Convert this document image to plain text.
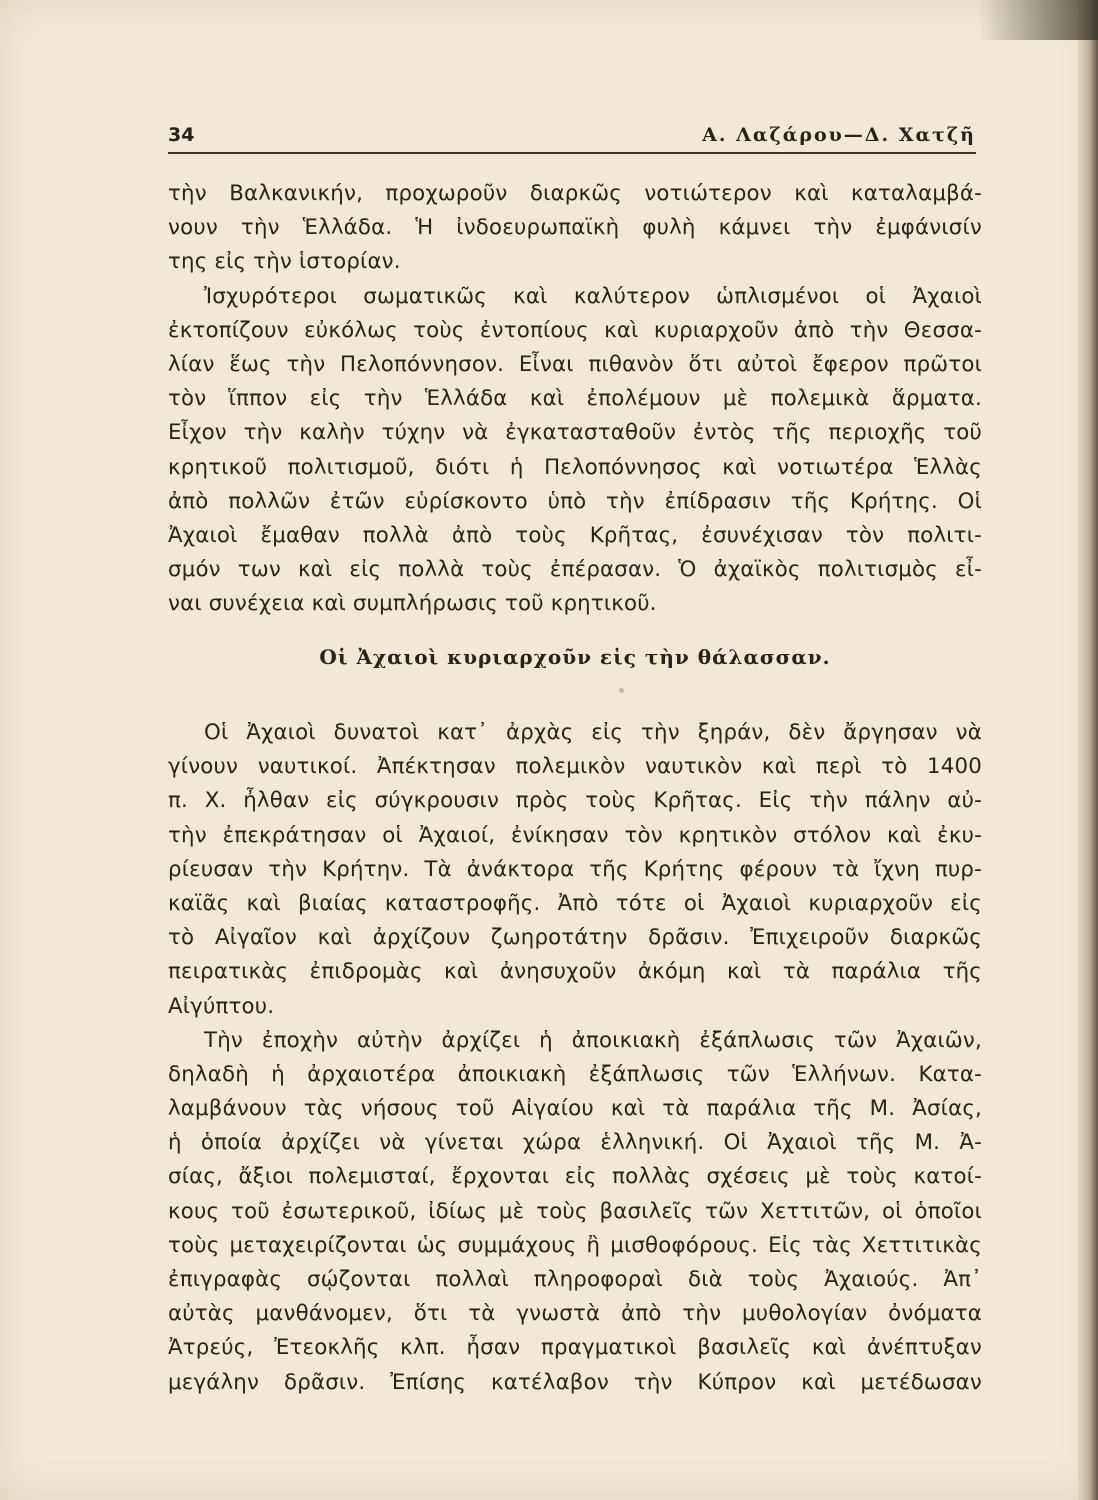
34	Α. Λαζάρου—Δ. Χατζῆ
τὴν Βαλκανικήν, προχωροῦν διαρκῶς νοτιώτερον καὶ καταλαμβά-
νουν τὴν Ἑλλάδα. Ἡ ἰνδοευρωπαϊκὴ φυλὴ κάμνει τὴν ἐμφάνισίν
της εἰς τὴν ἱστορίαν.
Ἰσχυρότεροι σωματικῶς καὶ καλύτερον ὡπλισμένοι οἱ Ἀχαιοὶ
ἐκτοπίζουν εὐκόλως τοὺς ἐντοπίους καὶ κυριαρχοῦν ἀπὸ τὴν Θεσσα-
λίαν ἕως τὴν Πελοπόννησον. Εἶναι πιθανὸν ὅτι αὐτοὶ ἔφερον πρῶτοι
τὸν ἵππον εἰς τὴν Ἑλλάδα καὶ ἐπολέμουν μὲ πολεμικὰ ἅρματα.
Εἶχον τὴν καλὴν τύχην νὰ ἐγκατασταθοῦν ἐντὸς τῆς περιοχῆς τοῦ
κρητικοῦ πολιτισμοῦ, διότι ἡ Πελοπόννησος καὶ νοτιωτέρα Ἑλλὰς
ἀπὸ πολλῶν ἐτῶν εὑρίσκοντο ὑπὸ τὴν ἐπίδρασιν τῆς Κρήτης. Οἱ
Ἀχαιοὶ ἔμαθαν πολλὰ ἀπὸ τοὺς Κρῆτας, ἐσυνέχισαν τὸν πολιτι-
σμόν των καὶ εἰς πολλὰ τοὺς ἐπέρασαν. Ὁ ἀχαϊκὸς πολιτισμὸς εἶ-
ναι συνέχεια καὶ συμπλήρωσις τοῦ κρητικοῦ.
Οἱ Ἀχαιοὶ κυριαρχοῦν εἰς τὴν θάλασσαν.
Οἱ Ἀχαιοὶ δυνατοὶ κατ᾽ ἀρχὰς εἰς τὴν ξηράν, δὲν ἄργησαν νὰ
γίνουν ναυτικοί. Ἀπέκτησαν πολεμικὸν ναυτικὸν καὶ περὶ τὸ 1400
π. Χ. ἦλθαν εἰς σύγκρουσιν πρὸς τοὺς Κρῆτας. Εἰς τὴν πάλην αὐ-
τὴν ἐπεκράτησαν οἱ Ἀχαιοί, ἐνίκησαν τὸν κρητικὸν στόλον καὶ ἐκυ-
ρίευσαν τὴν Κρήτην. Τὰ ἀνάκτορα τῆς Κρήτης φέρουν τὰ ἴχνη πυρ-
καϊᾶς καὶ βιαίας καταστροφῆς. Ἀπὸ τότε οἱ Ἀχαιοὶ κυριαρχοῦν εἰς
τὸ Αἰγαῖον καὶ ἀρχίζουν ζωηροτάτην δρᾶσιν. Ἐπιχειροῦν διαρκῶς
πειρατικὰς ἐπιδρομὰς καὶ ἀνησυχοῦν ἀκόμη καὶ τὰ παράλια τῆς
Αἰγύπτου.
Τὴν ἐποχὴν αὐτὴν ἀρχίζει ἡ ἀποικιακὴ ἐξάπλωσις τῶν Ἀχαιῶν,
δηλαδὴ ἡ ἀρχαιοτέρα ἀποικιακὴ ἐξάπλωσις τῶν Ἑλλήνων. Κατα-
λαμβάνουν τὰς νήσους τοῦ Αἰγαίου καὶ τὰ παράλια τῆς Μ. Ἀσίας,
ἡ ὁποία ἀρχίζει νὰ γίνεται χώρα ἑλληνική. Οἱ Ἀχαιοὶ τῆς Μ. Ἀ-
σίας, ἄξιοι πολεμισταί, ἔρχονται εἰς πολλὰς σχέσεις μὲ τοὺς κατοί-
κους τοῦ ἐσωτερικοῦ, ἰδίως μὲ τοὺς βασιλεῖς τῶν Χεττιτῶν, οἱ ὁποῖοι
τοὺς μεταχειρίζονται ὡς συμμάχους ἢ μισθοφόρους. Εἰς τὰς Χεττιτικὰς
ἐπιγραφὰς σῴζονται πολλαὶ πληροφοραὶ διὰ τοὺς Ἀχαιούς. Ἀπ᾽
αὐτὰς μανθάνομεν, ὅτι τὰ γνωστὰ ἀπὸ τὴν μυθολογίαν ὀνόματα
Ἀτρεύς, Ἐτεοκλῆς κλπ. ἦσαν πραγματικοὶ βασιλεῖς καὶ ἀνέπτυξαν
μεγάλην δρᾶσιν. Ἐπίσης κατέλαβον τὴν Κύπρον καὶ μετέδωσαν
